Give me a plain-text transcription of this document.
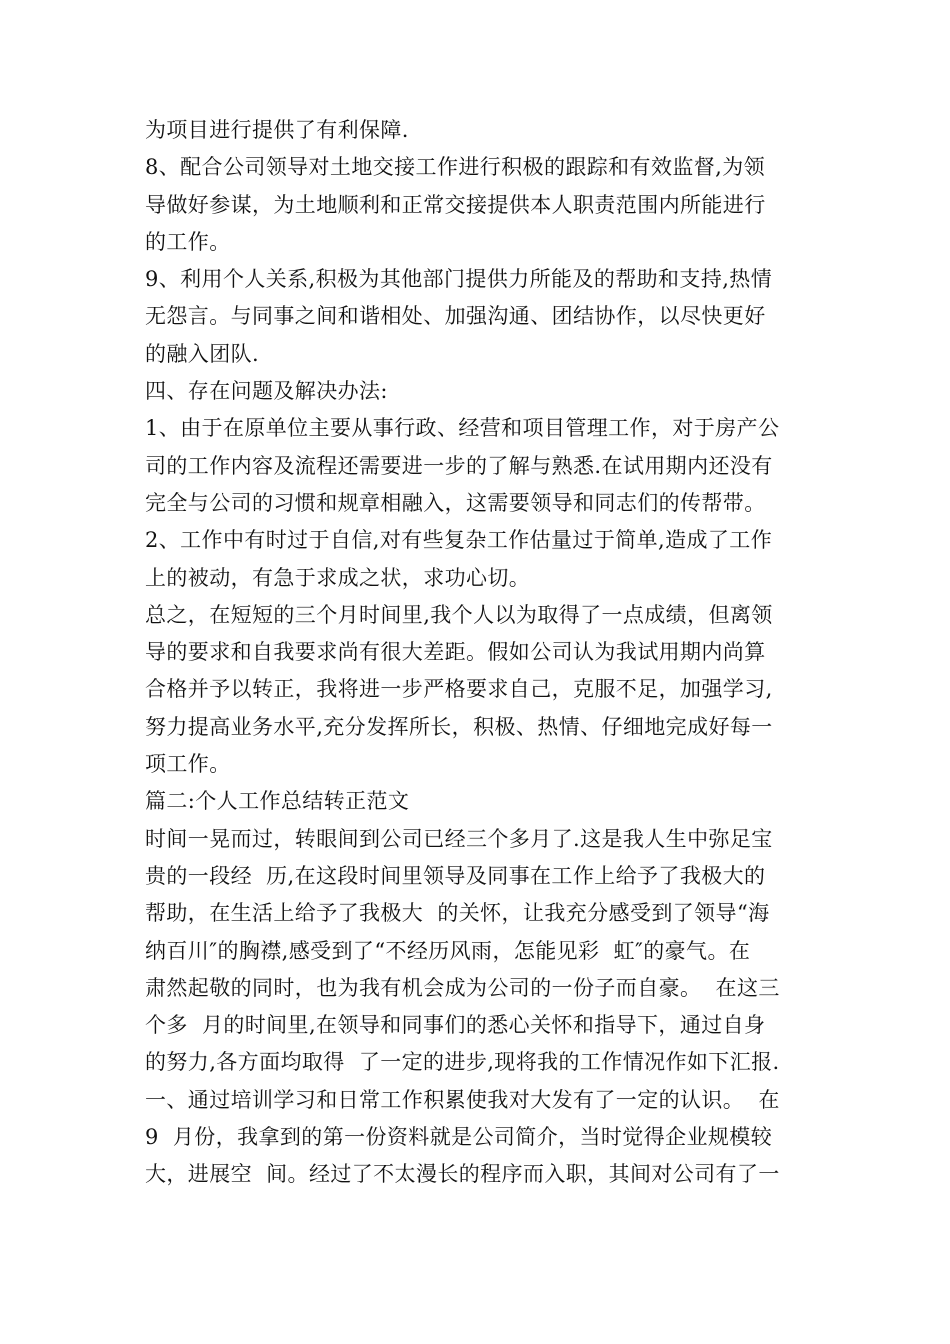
为项目进行提供了有利保障.
8、配合公司领导对土地交接工作进行积极的跟踪和有效监督,为领
导做好参谋，为土地顺利和正常交接提供本人职责范围内所能进行
的工作。
9、利用个人关系,积极为其他部门提供力所能及的帮助和支持,热情
无怨言。与同事之间和谐相处、加强沟通、团结协作，以尽快更好
的融入团队.
四、存在问题及解决办法:
1、由于在原单位主要从事行政、经营和项目管理工作，对于房产公
司的工作内容及流程还需要进一步的了解与熟悉.在试用期内还没有
完全与公司的习惯和规章相融入，这需要领导和同志们的传帮带。
2、工作中有时过于自信,对有些复杂工作估量过于简单,造成了工作
上的被动，有急于求成之状，求功心切。
总之，在短短的三个月时间里,我个人以为取得了一点成绩，但离领
导的要求和自我要求尚有很大差距。假如公司认为我试用期内尚算
合格并予以转正，我将进一步严格要求自己，克服不足，加强学习,
努力提高业务水平,充分发挥所长，积极、热情、仔细地完成好每一
项工作。
篇二:个人工作总结转正范文
时间一晃而过，转眼间到公司已经三个多月了.这是我人生中弥足宝
贵的一段经  历,在这段时间里领导及同事在工作上给予了我极大的
帮助，在生活上给予了我极大  的关怀，让我充分感受到了领导“海
纳百川″的胸襟,感受到了“不经历风雨，怎能见彩  虹″的豪气。在
肃然起敬的同时，也为我有机会成为公司的一份子而自豪。  在这三
个多  月的时间里,在领导和同事们的悉心关怀和指导下，通过自身
的努力,各方面均取得  了一定的进步,现将我的工作情况作如下汇报.
一、通过培训学习和日常工作积累使我对大发有了一定的认识。  在
9  月份，我拿到的第一份资料就是公司简介，当时觉得企业规模较
大，进展空  间。经过了不太漫长的程序而入职，其间对公司有了一
